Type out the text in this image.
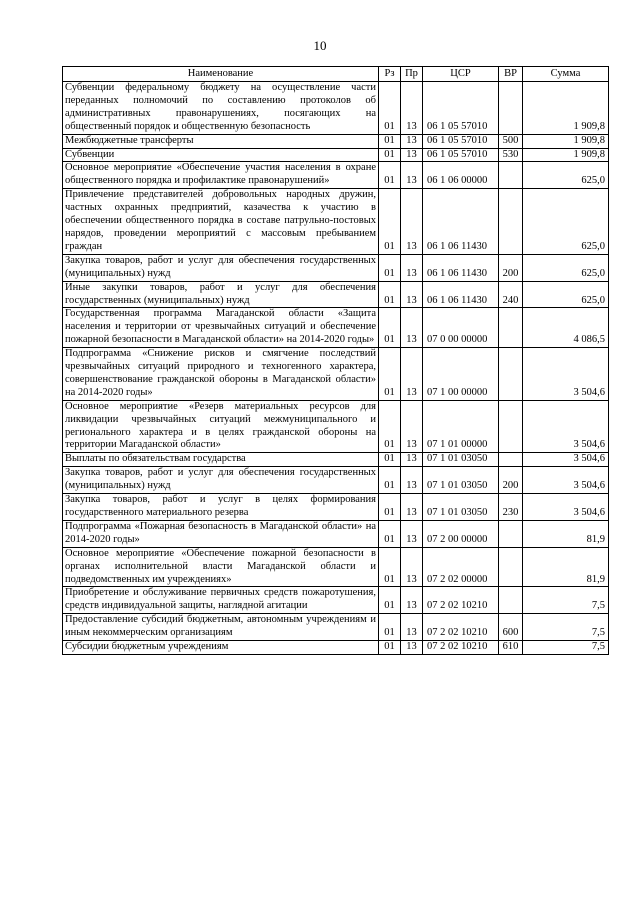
10
Наименование	Рз	Пр	ЦСР	ВР	Сумма
Субвенции федеральному бюджету на осуществление части переданных полномочий по составлению протоколов об административных правонарушениях, посягающих на общественный порядок и общественную безопасность	01	13	06 1 05 57010		1 909,8
Межбюджетные трансферты	01	13	06 1 05 57010	500	1 909,8
Субвенции	01	13	06 1 05 57010	530	1 909,8
Основное мероприятие «Обеспечение участия населения в охране общественного порядка и профилактике правонарушений»	01	13	06 1 06 00000		625,0
Привлечение представителей добровольных народных дружин, частных охранных предприятий, казачества к участию в обеспечении общественного порядка в составе патрульно-постовых нарядов, проведении мероприятий с массовым пребыванием граждан	01	13	06 1 06 11430		625,0
Закупка товаров, работ и услуг для обеспечения государственных (муниципальных) нужд	01	13	06 1 06 11430	200	625,0
Иные закупки товаров, работ и услуг для обеспечения государственных (муниципальных) нужд	01	13	06 1 06 11430	240	625,0
Государственная программа Магаданской области «Защита населения и территории от чрезвычайных ситуаций и обеспечение пожарной безопасности в Магаданской области» на 2014-2020 годы»	01	13	07 0 00 00000		4 086,5
Подпрограмма «Снижение рисков и смягчение последствий чрезвычайных ситуаций природного и техногенного характера, совершенствование гражданской обороны в Магаданской области» на 2014-2020 годы»	01	13	07 1 00 00000		3 504,6
Основное мероприятие «Резерв материальных ресурсов для ликвидации чрезвычайных ситуаций межмуниципального и регионального характера и в целях гражданской обороны на территории Магаданской области»	01	13	07 1 01 00000		3 504,6
Выплаты по обязательствам государства	01	13	07 1 01 03050		3 504,6
Закупка товаров, работ и услуг для обеспечения государственных (муниципальных) нужд	01	13	07 1 01 03050	200	3 504,6
Закупка товаров, работ и услуг в целях формирования государственного материального резерва	01	13	07 1 01 03050	230	3 504,6
Подпрограмма «Пожарная безопасность в Магаданской области» на 2014-2020 годы»	01	13	07 2 00 00000		81,9
Основное мероприятие «Обеспечение пожарной безопасности в органах исполнительной власти Магаданской области и подведомственных им учреждениях»	01	13	07 2 02 00000		81,9
Приобретение и обслуживание первичных средств пожаротушения, средств индивидуальной защиты, наглядной агитации	01	13	07 2 02 10210		7,5
Предоставление субсидий бюджетным, автономным учреждениям и иным некоммерческим организациям	01	13	07 2 02 10210	600	7,5
Субсидии бюджетным учреждениям	01	13	07 2 02 10210	610	7,5
